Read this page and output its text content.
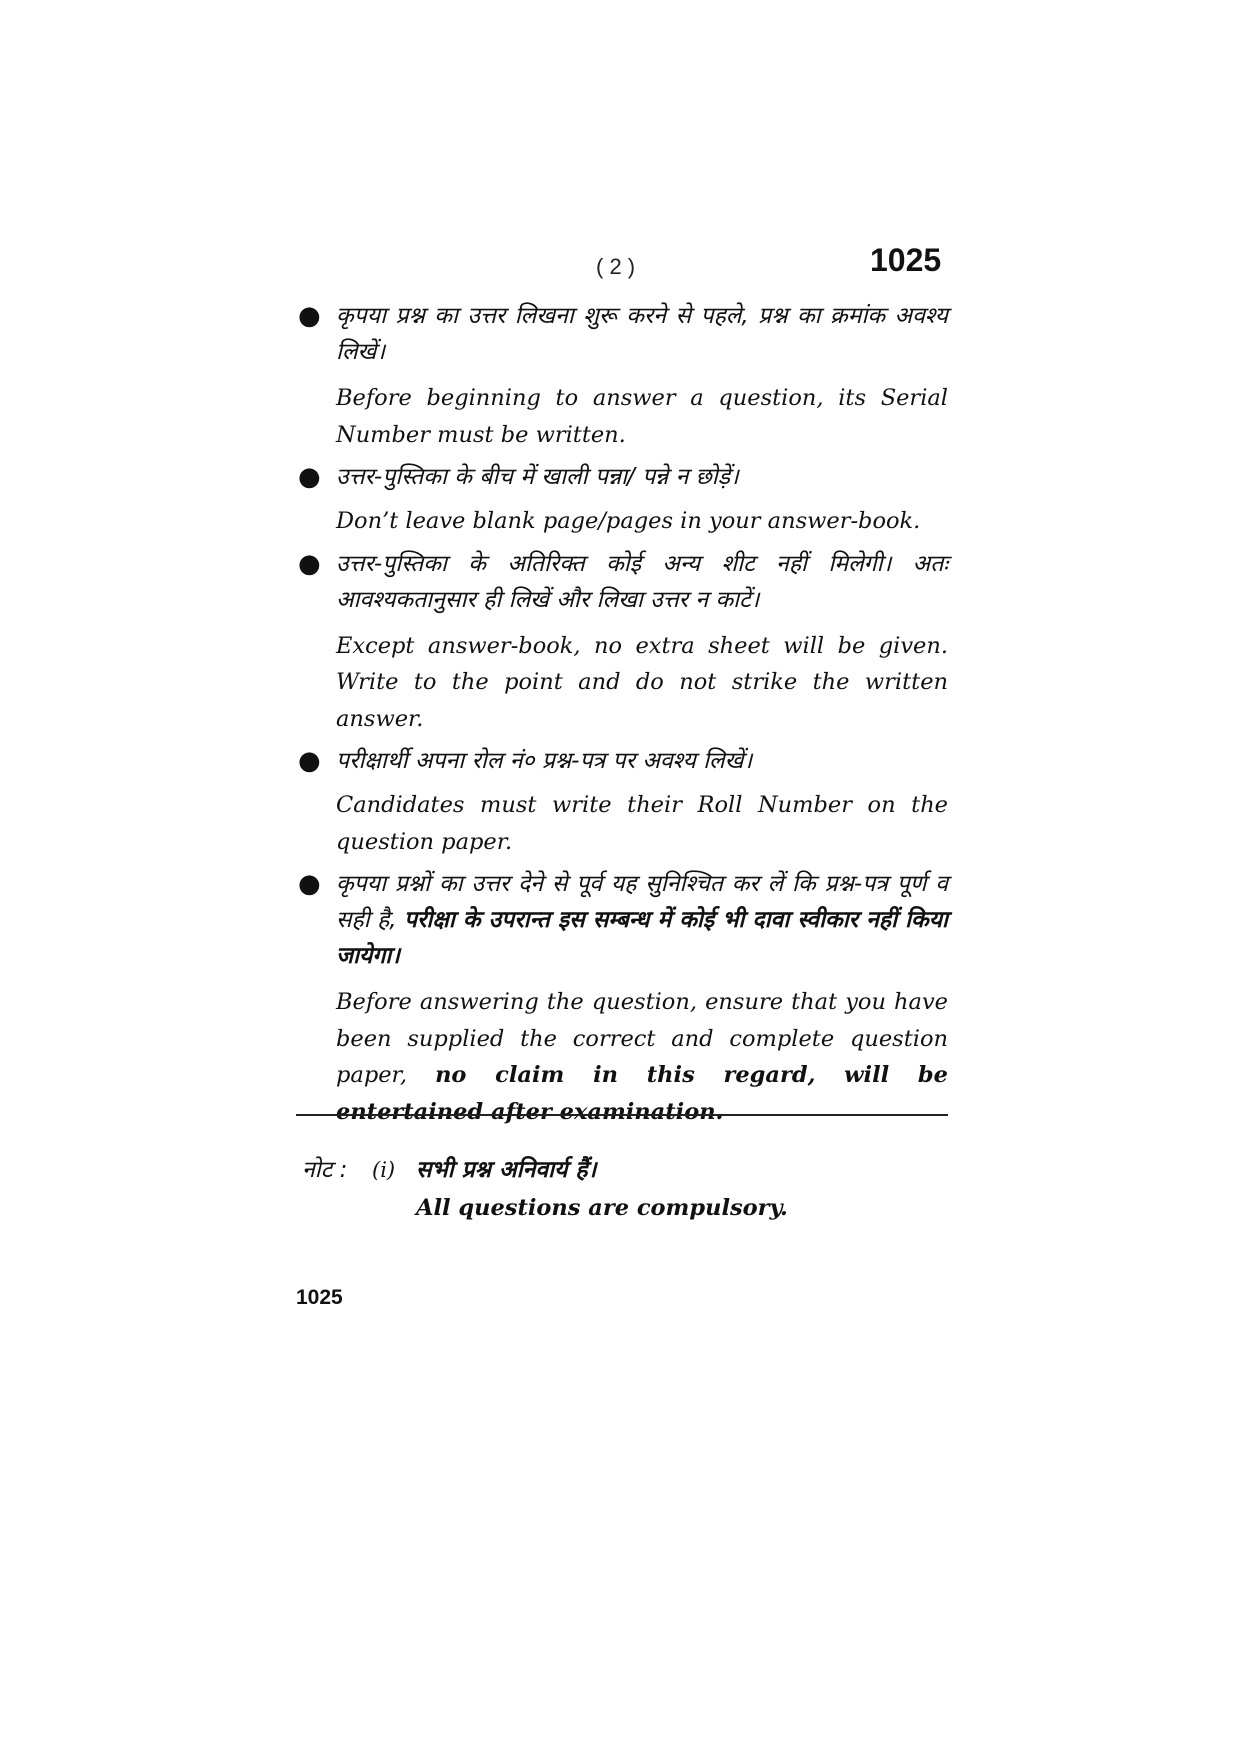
( 2 )	1025
● कृपया प्रश्न का उत्तर लिखना शुरू करने से पहले, प्रश्न का क्रमांक अवश्य लिखें।
Before beginning to answer a question, its Serial Number must be written.
● उत्तर-पुस्तिका के बीच में खाली पन्ना/ पन्ने न छोड़ें।
Don’t leave blank page/pages in your answer-book.
● उत्तर-पुस्तिका के अतिरिक्त कोई अन्य शीट नहीं मिलेगी। अतः आवश्यकतानुसार ही लिखें और लिखा उत्तर न काटें।
Except answer-book, no extra sheet will be given. Write to the point and do not strike the written answer.
● परीक्षार्थी अपना रोल नं० प्रश्न-पत्र पर अवश्य लिखें।
Candidates must write their Roll Number on the question paper.
● कृपया प्रश्नों का उत्तर देने से पूर्व यह सुनिश्चित कर लें कि प्रश्न-पत्र पूर्ण व सही है, परीक्षा के उपरान्त इस सम्बन्ध में कोई भी दावा स्वीकार नहीं किया जायेगा।
Before answering the question, ensure that you have been supplied the correct and complete question paper, no claim in this regard, will be entertained after examination.
नोट : (i) सभी प्रश्न अनिवार्य हैं।
All questions are compulsory.
1025
